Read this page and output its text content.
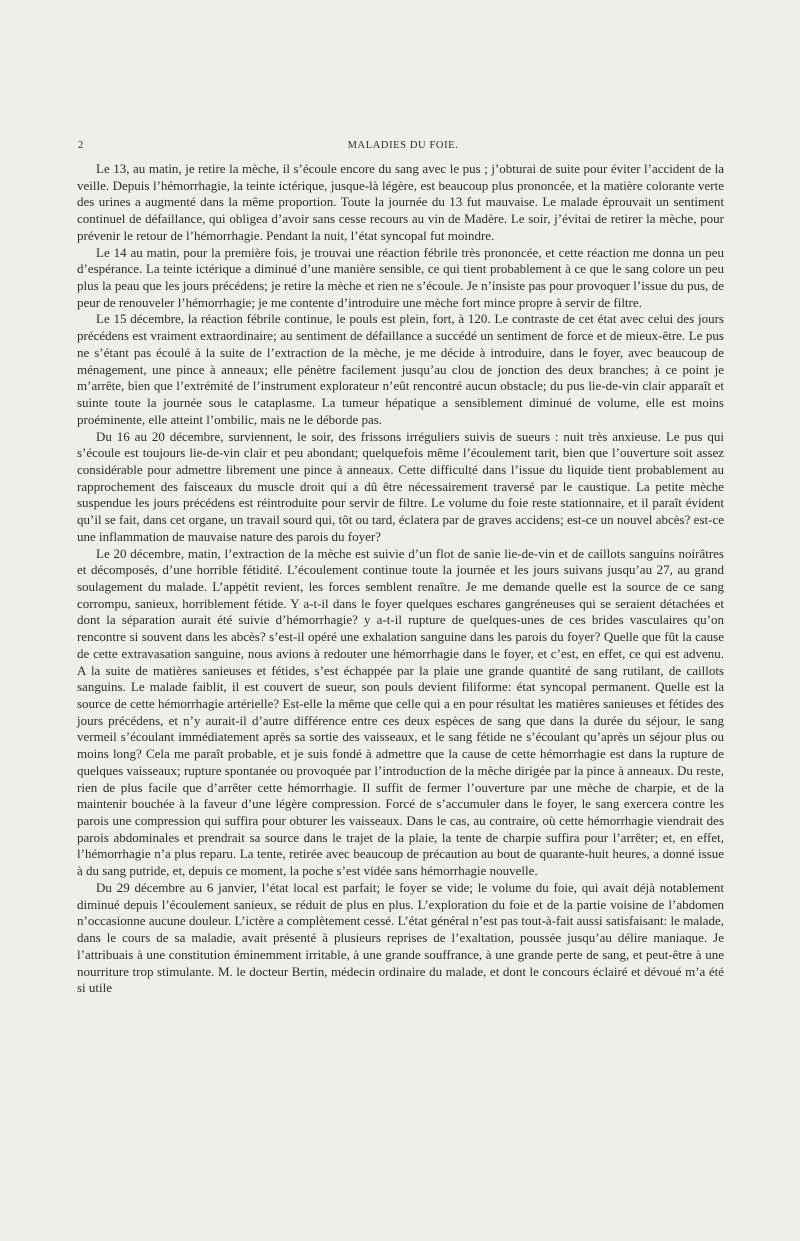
2	MALADIES DU FOIE.

Le 13, au matin, je retire la mèche, il s’écoule encore du sang avec le pus ; j’obturai de suite pour éviter l’accident de la veille. Depuis l’hémorrhagie, la teinte ictérique, jusque-là légère, est beaucoup plus prononcée, et la matière colorante verte des urines a augmenté dans la même proportion. Toute la journée du 13 fut mauvaise. Le malade éprouvait un sentiment continuel de défaillance, qui obligea d’avoir sans cesse recours au vin de Madère. Le soir, j’évitai de retirer la mèche, pour prévenir le retour de l’hémorrhagie. Pendant la nuit, l’état syncopal fut moindre.

Le 14 au matin, pour la première fois, je trouvai une réaction fébrile très prononcée, et cette réaction me donna un peu d’espérance. La teinte ictérique a diminué d’une manière sensible, ce qui tient probablement à ce que le sang colore un peu plus la peau que les jours précédens; je retire la mèche et rien ne s’écoule. Je n’insiste pas pour provoquer l’issue du pus, de peur de renouveler l’hémorrhagie; je me contente d’introduire une mèche fort mince propre à servir de filtre.

Le 15 décembre, la réaction fébrile continue, le pouls est plein, fort, à 120. Le contraste de cet état avec celui des jours précédens est vraiment extraordinaire; au sentiment de défaillance a succédé un sentiment de force et de mieux-être. Le pus ne s’étant pas écoulé à la suite de l’extraction de la mèche, je me décide à introduire, dans le foyer, avec beaucoup de ménagement, une pince à anneaux; elle pénètre facilement jusqu’au clou de jonction des deux branches; à ce point je m’arrête, bien que l’extrémité de l’instrument explorateur n’eût rencontré aucun obstacle; du pus lie-de-vin clair apparaît et suinte toute la journée sous le cataplasme. La tumeur hépatique a sensiblement diminué de volume, elle est moins proéminente, elle atteint l’ombilic, mais ne le déborde pas.

Du 16 au 20 décembre, surviennent, le soir, des frissons irréguliers suivis de sueurs : nuit très anxieuse. Le pus qui s’écoule est toujours lie-de-vin clair et peu abondant; quelquefois même l’écoulement tarit, bien que l’ouverture soit assez considérable pour admettre librement une pince à anneaux. Cette difficulté dans l’issue du liquide tient probablement au rapprochement des faisceaux du muscle droit qui a dû être nécessairement traversé par le caustique. La petite mèche suspendue les jours précédens est réintroduite pour servir de filtre. Le volume du foie reste stationnaire, et il paraît évident qu’il se fait, dans cet organe, un travail sourd qui, tôt ou tard, éclatera par de graves accidens; est-ce un nouvel abcès? est-ce une inflammation de mauvaise nature des parois du foyer?

Le 20 décembre, matin, l’extraction de la mèche est suivie d’un flot de sanie lie-de-vin et de caillots sanguins noirâtres et décomposés, d’une horrible fétidité. L’écoulement continue toute la journée et les jours suivans jusqu’au 27, au grand soulagement du malade. L’appétit revient, les forces semblent renaître. Je me demande quelle est la source de ce sang corrompu, sanieux, horriblement fétide. Y a-t-il dans le foyer quelques eschares gangréneuses qui se seraient détachées et dont la séparation aurait été suivie d’hémorrhagie? y a-t-il rupture de quelques-unes de ces brides vasculaires qu’on rencontre si souvent dans les abcès? s’est-il opéré une exhalation sanguine dans les parois du foyer? Quelle que fût la cause de cette extravasation sanguine, nous avions à redouter une hémorrhagie dans le foyer, et c’est, en effet, ce qui est advenu. A la suite de matières sanieuses et fétides, s’est échappée par la plaie une grande quantité de sang rutilant, de caillots sanguins. Le malade faiblit, il est couvert de sueur, son pouls devient filiforme: état syncopal permanent. Quelle est la source de cette hémorrhagie artérielle? Est-elle la même que celle qui a en pour résultat les matières sanieuses et fétides des jours précédens, et n’y aurait-il d’autre différence entre ces deux espèces de sang que dans la durée du séjour, le sang vermeil s’écoulant immédiatement après sa sortie des vaisseaux, et le sang fétide ne s’écoulant qu’après un séjour plus ou moins long? Cela me paraît probable, et je suis fondé à admettre que la cause de cette hémorrhagie est dans la rupture de quelques vaisseaux; rupture spontanée ou provoquée par l’introduction de la mèche dirigée par la pince à anneaux. Du reste, rien de plus facile que d’arrêter cette hémorrhagie. Il suffit de fermer l’ouverture par une mèche de charpie, et de la maintenir bouchée à la faveur d’une légère compression. Forcé de s’accumuler dans le foyer, le sang exercera contre les parois une compression qui suffira pour obturer les vaisseaux. Dans le cas, au contraire, où cette hémorrhagie viendrait des parois abdominales et prendrait sa source dans le trajet de la plaie, la tente de charpie suffira pour l’arrêter; et, en effet, l’hémorrhagie n’a plus reparu. La tente, retirée avec beaucoup de précaution au bout de quarante-huit heures, a donné issue à du sang putride, et, depuis ce moment, la poche s’est vidée sans hémorrhagie nouvelle.

Du 29 décembre au 6 janvier, l’état local est parfait; le foyer se vide; le volume du foie, qui avait déjà notablement diminué depuis l’écoulement sanieux, se réduit de plus en plus. L’exploration du foie et de la partie voisine de l’abdomen n’occasionne aucune douleur. L’ictère a complètement cessé. L’état général n’est pas tout-à-fait aussi satisfaisant: le malade, dans le cours de sa maladie, avait présenté à plusieurs reprises de l’exaltation, poussée jusqu’au délire maniaque. Je l’attribuais à une constitution éminemment irritable, à une grande souffrance, à une grande perte de sang, et peut-être à une nourriture trop stimulante. M. le docteur Bertin, médecin ordinaire du malade, et dont le concours éclairé et dévoué m’a été si utile
